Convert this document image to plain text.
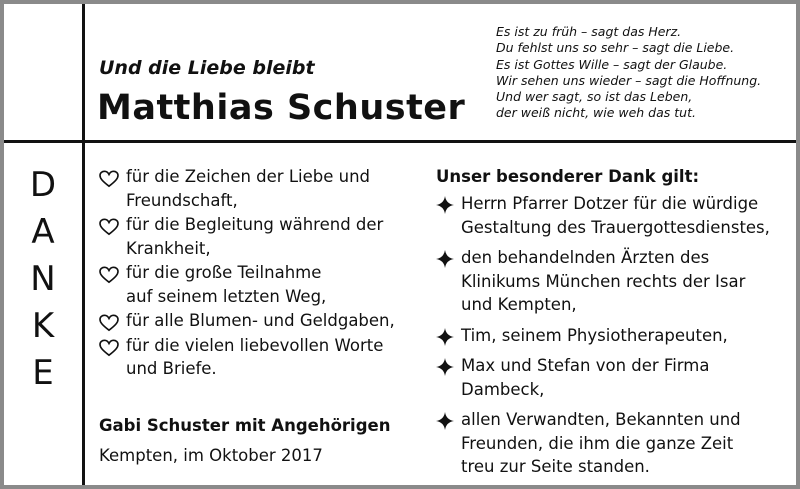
Und die Liebe bleibt
Matthias Schuster
Es ist zu früh – sagt das Herz.
Du fehlst uns so sehr – sagt die Liebe.
Es ist Gottes Wille – sagt der Glaube.
Wir sehen uns wieder – sagt die Hoffnung.
Und wer sagt, so ist das Leben,
der weiß nicht, wie weh das tut.
D
A
N
K
E
für die Zeichen der Liebe und
Freundschaft,
für die Begleitung während der
Krankheit,
für die große Teilnahme
auf seinem letzten Weg,
für alle Blumen- und Geldgaben,
für die vielen liebevollen Worte
und Briefe.
Gabi Schuster mit Angehörigen
Kempten, im Oktober 2017
Unser besonderer Dank gilt:
Herrn Pfarrer Dotzer für die würdige
Gestaltung des Trauergottesdienstes,
den behandelnden Ärzten des
Klinikums München rechts der Isar
und Kempten,
Tim, seinem Physiotherapeuten,
Max und Stefan von der Firma
Dambeck,
allen Verwandten, Bekannten und
Freunden, die ihm die ganze Zeit
treu zur Seite standen.
